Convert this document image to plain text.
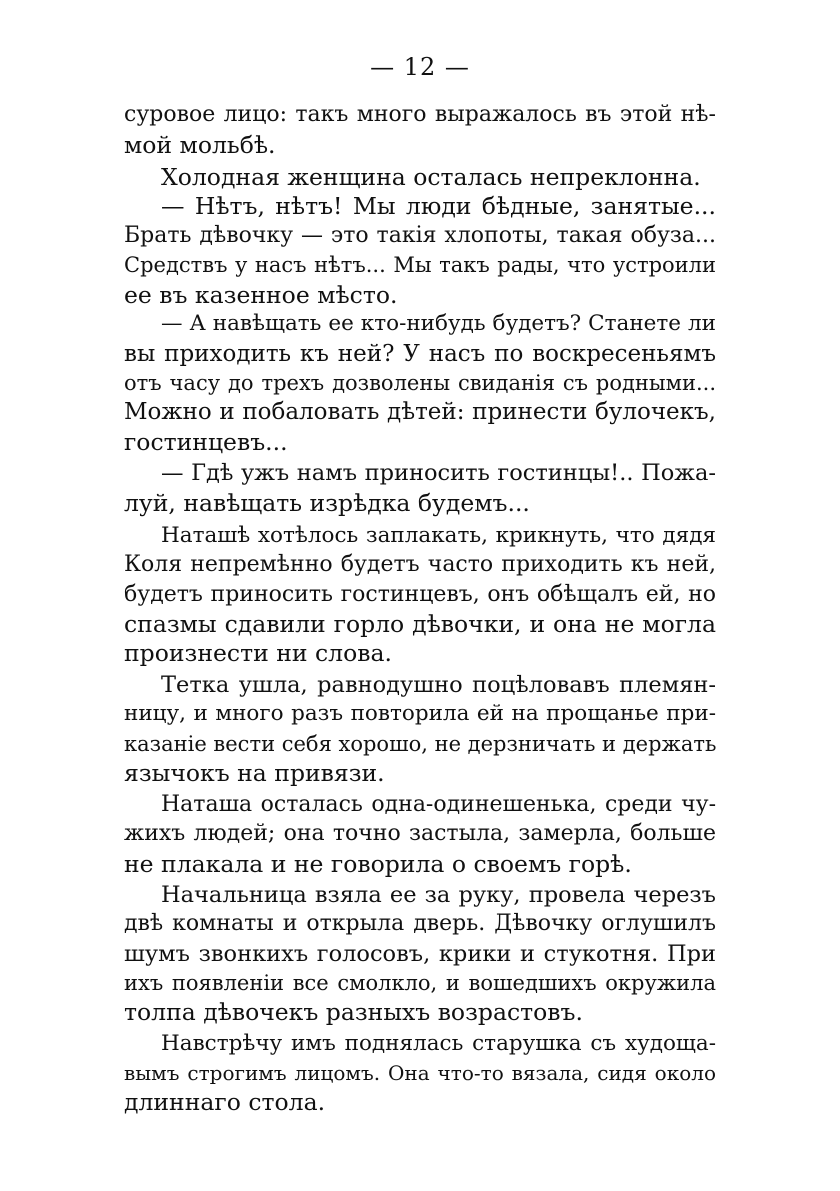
— 12 —
суровое лицо: такъ много выражалось въ этой нѣ-
мой мольбѣ.
Холодная женщина осталась непреклонна.
— Нѣтъ, нѣтъ! Мы люди бѣдные, занятые...
Брать дѣвочку — это такія хлопоты, такая обуза...
Средствъ у насъ нѣтъ... Мы такъ рады, что устроили
ее въ казенное мѣсто.
— А навѣщать ее кто-нибудь будетъ? Станете ли
вы приходить къ ней? У насъ по воскресеньямъ
отъ часу до трехъ дозволены свиданія съ родными...
Можно и побаловать дѣтей: принести булочекъ,
гостинцевъ...
— Гдѣ ужъ намъ приносить гостинцы!.. Пожа-
луй, навѣщать изрѣдка будемъ...
Наташѣ хотѣлось заплакать, крикнуть, что дядя
Коля непремѣнно будетъ часто приходить къ ней,
будетъ приносить гостинцевъ, онъ обѣщалъ ей, но
спазмы сдавили горло дѣвочки, и она не могла
произнести ни слова.
Тетка ушла, равнодушно поцѣловавъ племян-
ницу, и много разъ повторила ей на прощанье при-
казаніе вести себя хорошо, не дерзничать и держать
язычокъ на привязи.
Наташа осталась одна-одинешенька, среди чу-
жихъ людей; она точно застыла, замерла, больше
не плакала и не говорила о своемъ горѣ.
Начальница взяла ее за руку, провела черезъ
двѣ комнаты и открыла дверь. Дѣвочку оглушилъ
шумъ звонкихъ голосовъ, крики и стукотня. При
ихъ появленіи все смолкло, и вошедшихъ окружила
толпа дѣвочекъ разныхъ возрастовъ.
Навстрѣчу имъ поднялась старушка съ худоща-
вымъ строгимъ лицомъ. Она что-то вязала, сидя около
длиннаго стола.
